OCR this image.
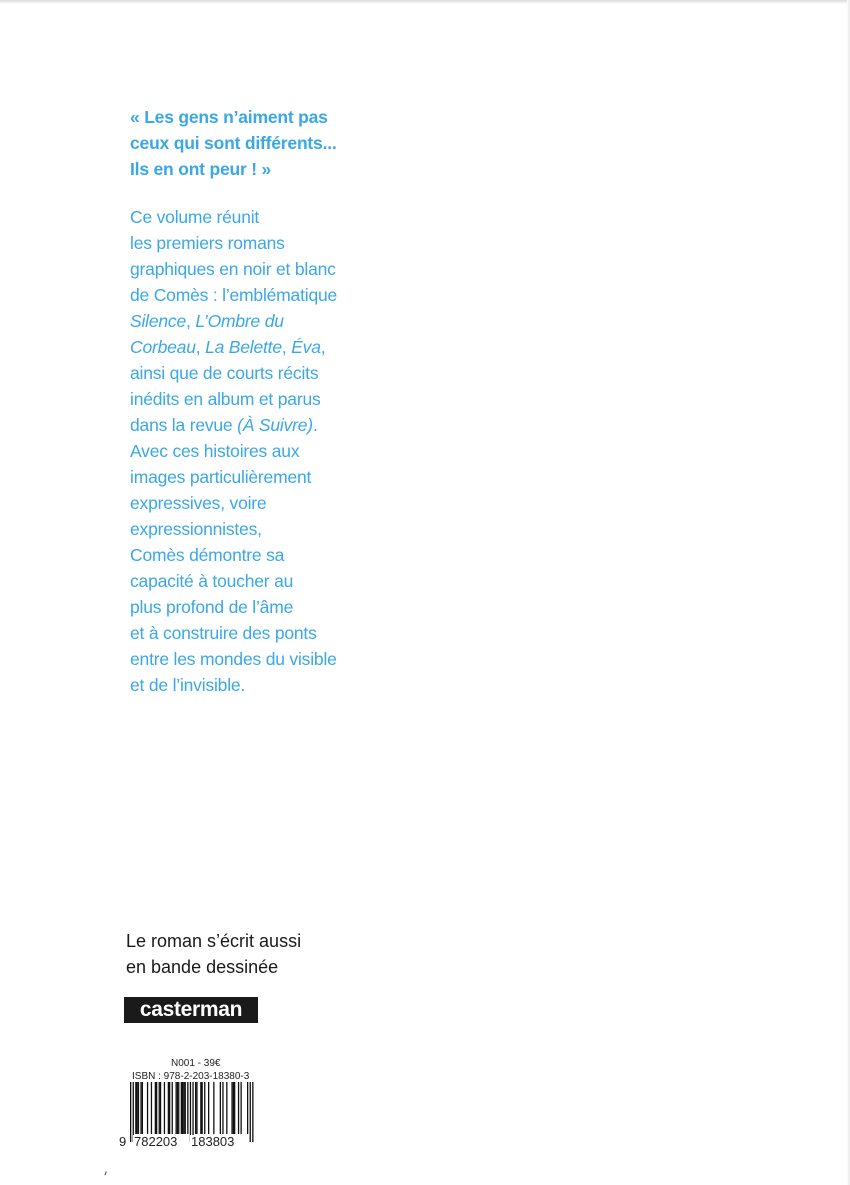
« Les gens n’aiment pas
ceux qui sont différents...
Ils en ont peur ! »
Ce volume réunit
les premiers romans
graphiques en noir et blanc
de Comès : l’emblématique
Silence, L’Ombre du
Corbeau, La Belette, Éva,
ainsi que de courts récits
inédits en album et parus
dans la revue (À Suivre).
Avec ces histoires aux
images particulièrement
expressives, voire
expressionnistes,
Comès démontre sa
capacité à toucher au
plus profond de l’âme
et à construire des ponts
entre les mondes du visible
et de l’invisible.
Le roman s’écrit aussi
en bande dessinée
casterman
N001 - 39€
ISBN : 978-2-203-18380-3
9 782203 183803
